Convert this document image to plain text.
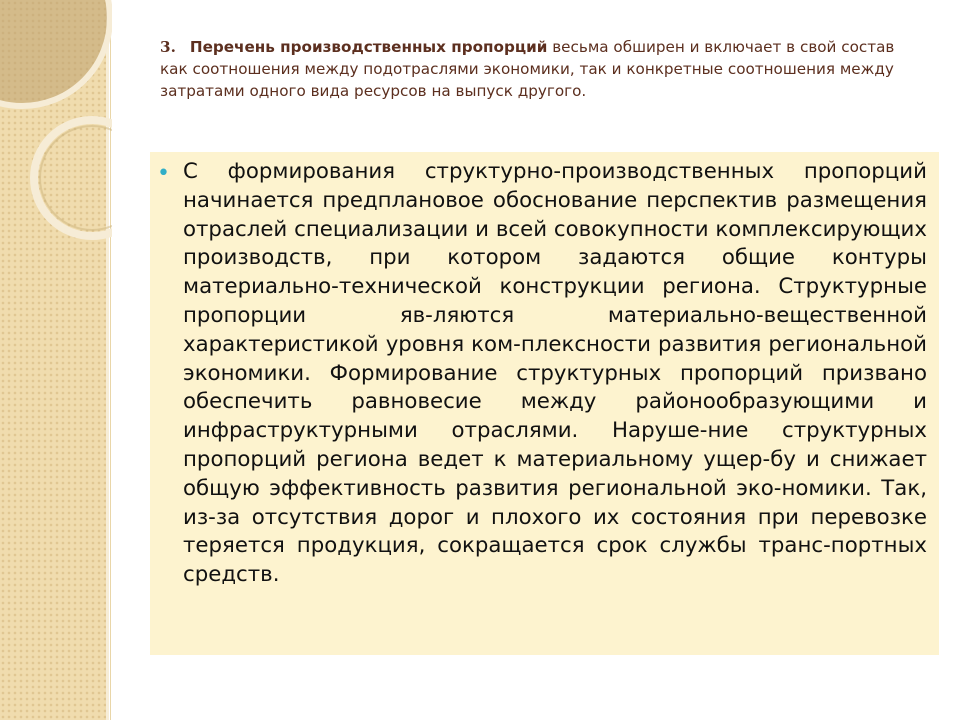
3. Перечень производственных пропорций весьма обширен и включает в свой состав как соотношения между подотраслями экономики, так и конкретные соотношения между затратами одного вида ресурсов на выпуск другого.
• С формирования структурно-производственных пропорций начинается предплановое обоснование перспектив размещения отраслей специализации и всей совокупности комплексирующих производств, при котором задаются общие контуры материально-технической конструкции региона. Структурные пропорции яв-ляются материально-вещественной характеристикой уровня ком-плексности развития региональной экономики. Формирование структурных пропорций призвано обеспечить равновесие между районообразующими и инфраструктурными отраслями. Наруше-ние структурных пропорций региона ведет к материальному ущер-бу и снижает общую эффективность развития региональной эко-номики. Так, из-за отсутствия дорог и плохого их состояния при перевозке теряется продукция, сокращается срок службы транс-портных средств.
